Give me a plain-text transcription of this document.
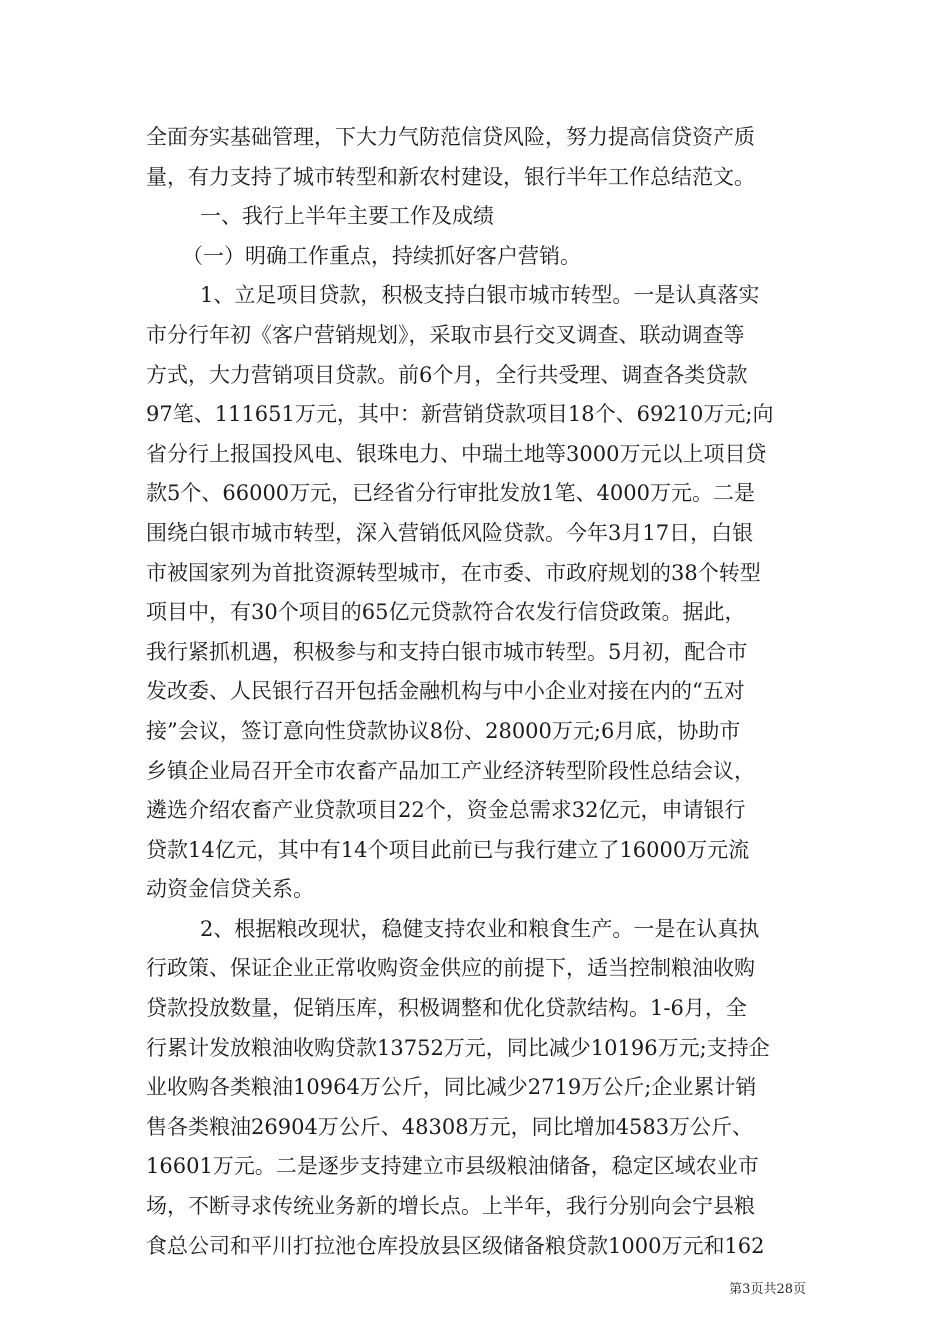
全面夯实基础管理，下大力气防范信贷风险，努力提高信贷资产质
量，有力支持了城市转型和新农村建设，银行半年工作总结范文。
一、我行上半年主要工作及成绩
（一）明确工作重点，持续抓好客户营销。
1、立足项目贷款，积极支持白银市城市转型。一是认真落实
市分行年初《客户营销规划》，采取市县行交叉调查、联动调查等
方式，大力营销项目贷款。前6个月，全行共受理、调查各类贷款
97笔、111651万元，其中：新营销贷款项目18个、69210万元;向
省分行上报国投风电、银珠电力、中瑞土地等3000万元以上项目贷
款5个、66000万元，已经省分行审批发放1笔、4000万元。二是
围绕白银市城市转型，深入营销低风险贷款。今年3月17日，白银
市被国家列为首批资源转型城市，在市委、市政府规划的38个转型
项目中，有30个项目的65亿元贷款符合农发行信贷政策。据此，
我行紧抓机遇，积极参与和支持白银市城市转型。5月初，配合市
发改委、人民银行召开包括金融机构与中小企业对接在内的“五对
接”会议，签订意向性贷款协议8份、28000万元;6月底，协助市
乡镇企业局召开全市农畜产品加工产业经济转型阶段性总结会议，
遴选介绍农畜产业贷款项目22个，资金总需求32亿元，申请银行
贷款14亿元，其中有14个项目此前已与我行建立了16000万元流
动资金信贷关系。
2、根据粮改现状，稳健支持农业和粮食生产。一是在认真执
行政策、保证企业正常收购资金供应的前提下，适当控制粮油收购
贷款投放数量，促销压库，积极调整和优化贷款结构。1-6月，全
行累计发放粮油收购贷款13752万元，同比减少10196万元;支持企
业收购各类粮油10964万公斤，同比减少2719万公斤;企业累计销
售各类粮油26904万公斤、48308万元，同比增加4583万公斤、
16601万元。二是逐步支持建立市县级粮油储备，稳定区域农业市
场，不断寻求传统业务新的增长点。上半年，我行分别向会宁县粮
食总公司和平川打拉池仓库投放县区级储备粮贷款1000万元和162
第3页共28页
